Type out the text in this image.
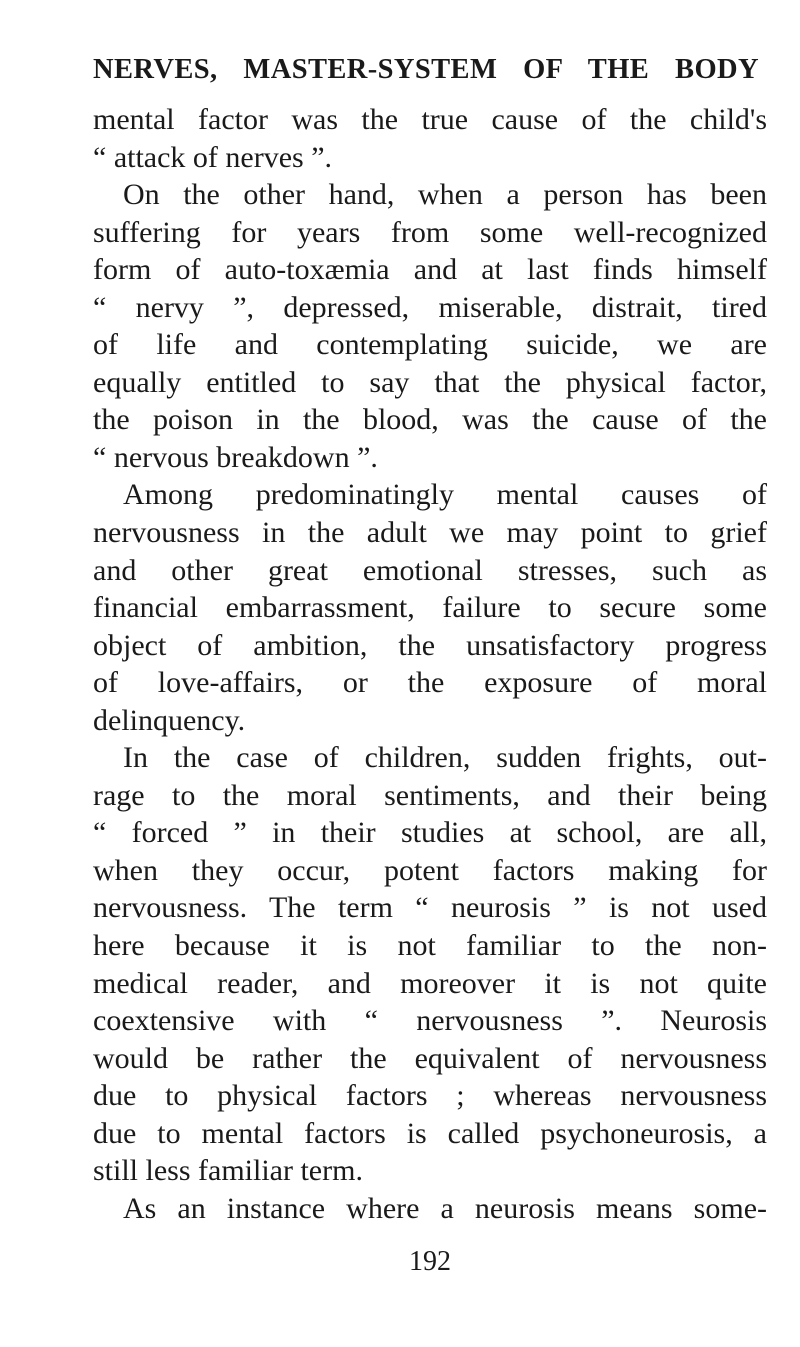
NERVES, MASTER-SYSTEM OF THE BODY
mental factor was the true cause of the child's
“ attack of nerves ”.
On the other hand, when a person has been
suffering for years from some well-recognized
form of auto-toxæmia and at last finds himself
“ nervy ”, depressed, miserable, distrait, tired
of life and contemplating suicide, we are
equally entitled to say that the physical factor,
the poison in the blood, was the cause of the
“ nervous breakdown ”.
Among predominatingly mental causes of
nervousness in the adult we may point to grief
and other great emotional stresses, such as
financial embarrassment, failure to secure some
object of ambition, the unsatisfactory progress
of love-affairs, or the exposure of moral
delinquency.
In the case of children, sudden frights, out-
rage to the moral sentiments, and their being
“ forced ” in their studies at school, are all,
when they occur, potent factors making for
nervousness. The term “ neurosis ” is not used
here because it is not familiar to the non-
medical reader, and moreover it is not quite
coextensive with “ nervousness ”. Neurosis
would be rather the equivalent of nervousness
due to physical factors ; whereas nervousness
due to mental factors is called psychoneurosis, a
still less familiar term.
As an instance where a neurosis means some-
192
